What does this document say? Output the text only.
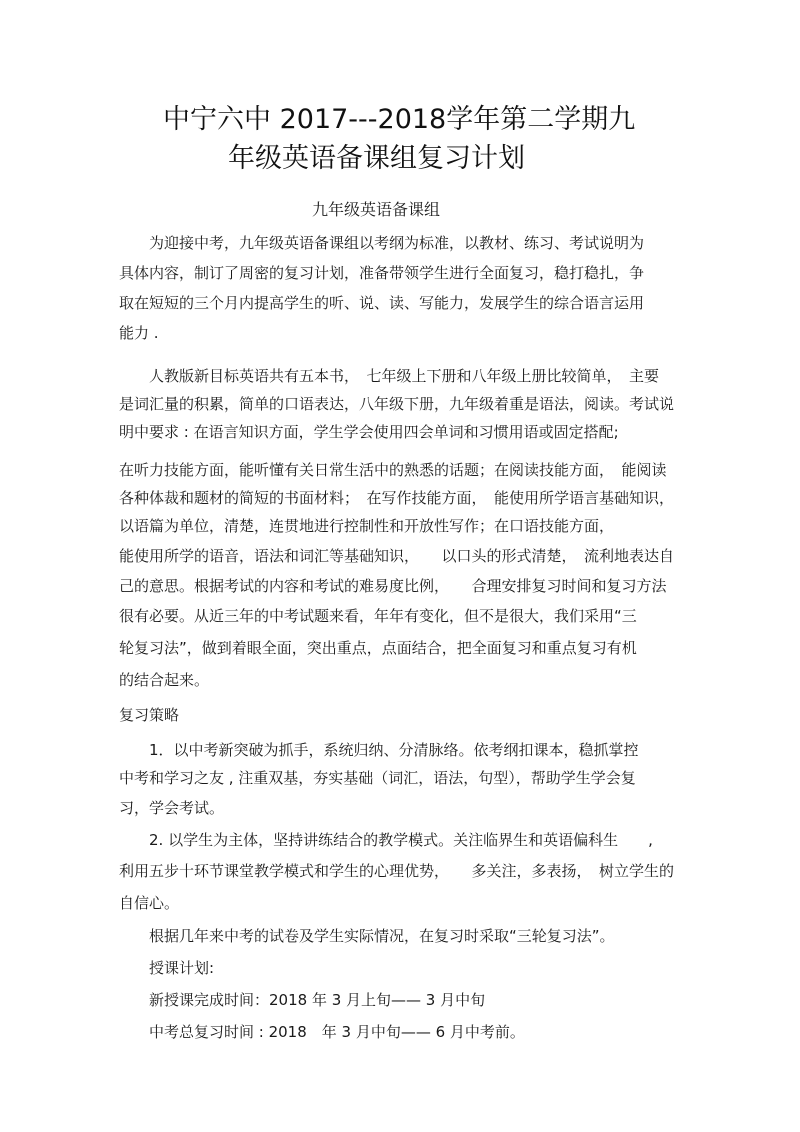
中宁六中 2017---2018学年第二学期九
年级英语备课组复习计划
九年级英语备课组
为迎接中考，九年级英语备课组以考纲为标准，以教材、练习、考试说明为
具体内容，制订了周密的复习计划，准备带领学生进行全面复习，稳打稳扎，争
取在短短的三个月内提高学生的听、说、读、写能力，发展学生的综合语言运用
能力 .
人教版新目标英语共有五本书，　七年级上下册和八年级上册比较简单，　主要
是词汇量的积累，简单的口语表达，八年级下册，九年级着重是语法，阅读。考试说
明中要求 : 在语言知识方面，学生学会使用四会单词和习惯用语或固定搭配;
在听力技能方面，能听懂有关日常生活中的熟悉的话题；在阅读技能方面，　能阅读
各种体裁和题材的简短的书面材料；　在写作技能方面，　能使用所学语言基础知识，
以语篇为单位，清楚，连贯地进行控制性和开放性写作；在口语技能方面，
能使用所学的语音，语法和词汇等基础知识，　　以口头的形式清楚，　流利地表达自
己的意思。根据考试的内容和考试的难易度比例，　　合理安排复习时间和复习方法
很有必要。从近三年的中考试题来看，年年有变化，但不是很大，我们采用“三
轮复习法”，做到着眼全面，突出重点，点面结合，把全面复习和重点复习有机
的结合起来。
复习策略
1．以中考新突破为抓手，系统归纳、分清脉络。依考纲扣课本，稳抓掌控
中考和学习之友 , 注重双基，夯实基础（词汇，语法，句型），帮助学生学会复
习，学会考试。
2. 以学生为主体，坚持讲练结合的教学模式。关注临界生和英语偏科生　　,
利用五步十环节课堂教学模式和学生的心理优势，　　多关注，多表扬，　树立学生的
自信心。
根据几年来中考的试卷及学生实际情况，在复习时采取“三轮复习法”。
授课计划:
新授课完成时间：2018 年 3 月上旬—— 3 月中旬
中考总复习时间 : 2018　年 3 月中旬—— 6 月中考前。
